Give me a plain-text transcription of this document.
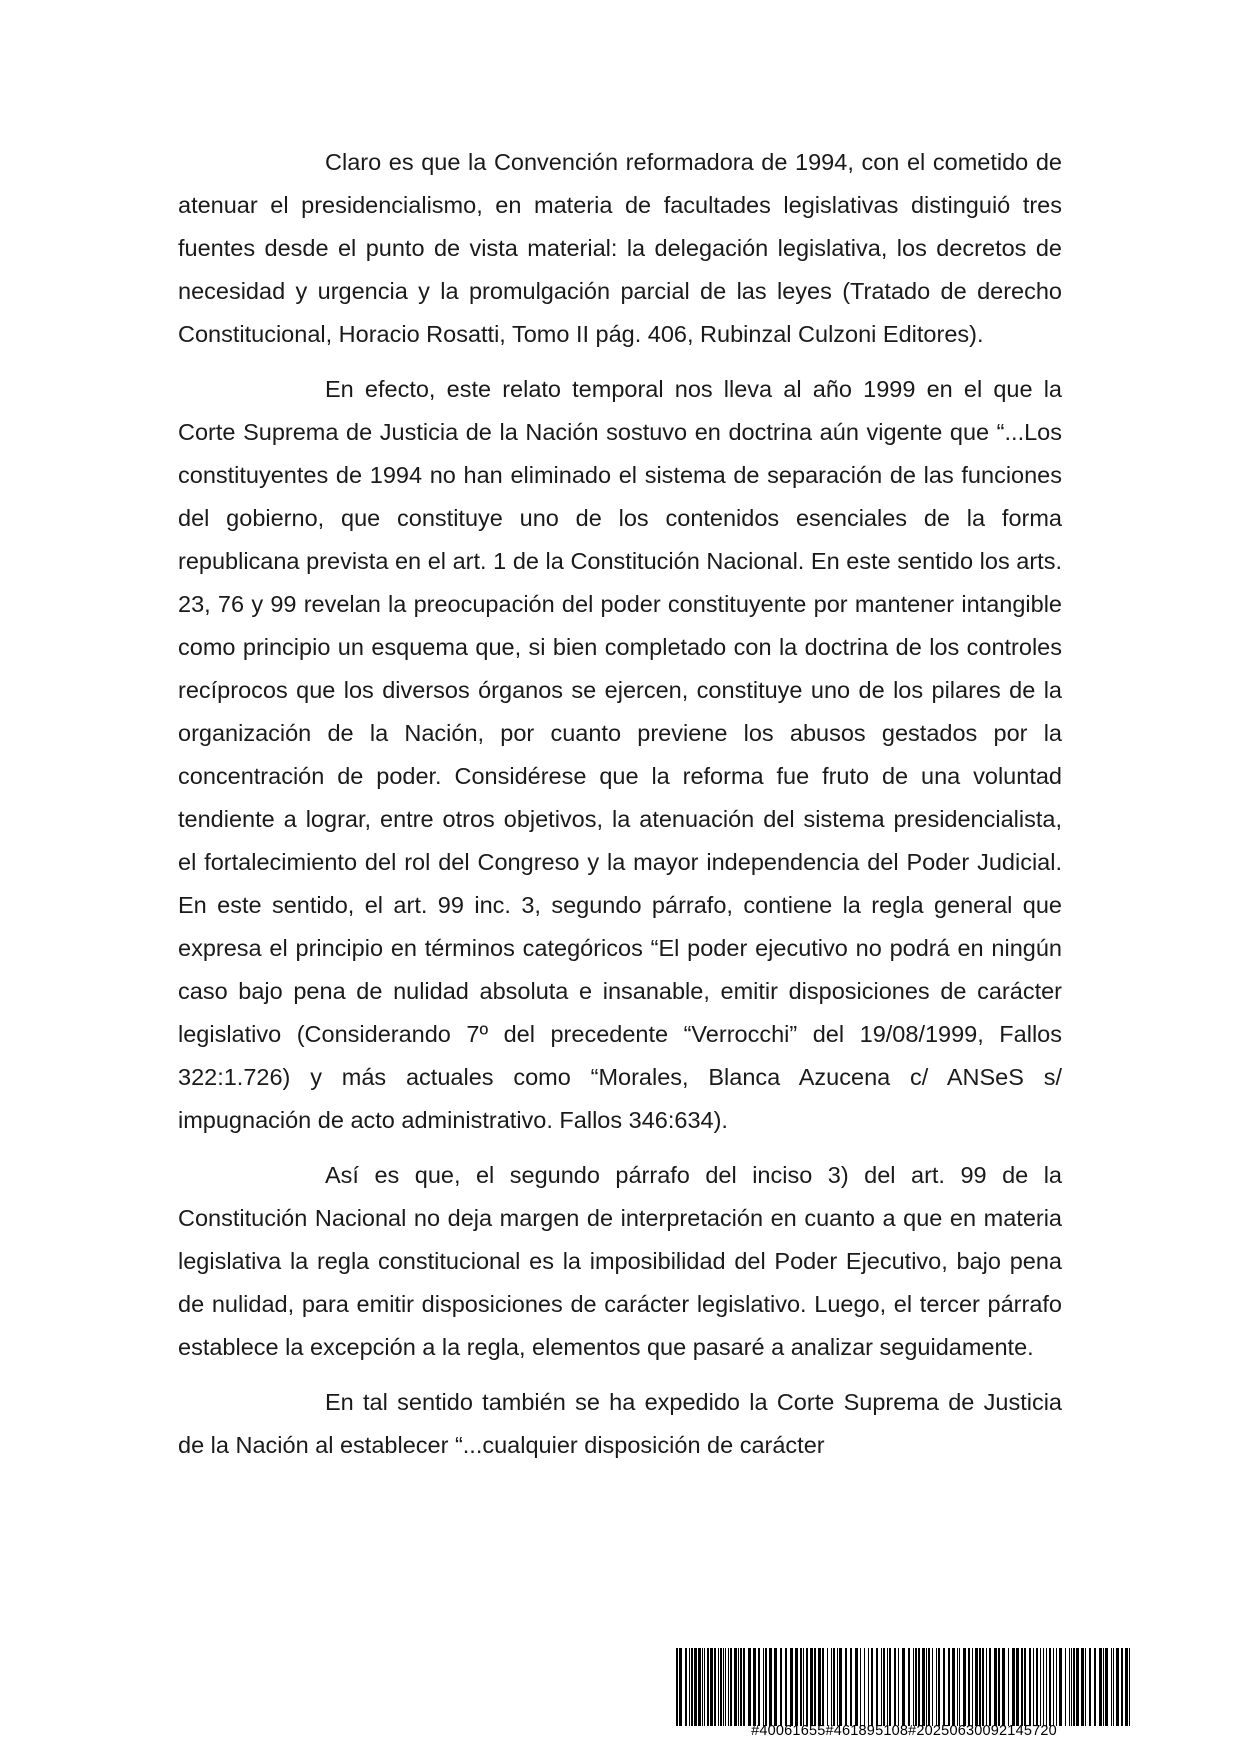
Claro es que la Convención reformadora de 1994, con el cometido de atenuar el presidencialismo, en materia de facultades legislativas distinguió tres fuentes desde el punto de vista material: la delegación legislativa, los decretos de necesidad y urgencia y la promulgación parcial de las leyes (Tratado de derecho Constitucional, Horacio Rosatti, Tomo II pág. 406, Rubinzal Culzoni Editores).

En efecto, este relato temporal nos lleva al año 1999 en el que la Corte Suprema de Justicia de la Nación sostuvo en doctrina aún vigente que “...Los constituyentes de 1994 no han eliminado el sistema de separación de las funciones del gobierno, que constituye uno de los contenidos esenciales de la forma republicana prevista en el art. 1 de la Constitución Nacional. En este sentido los arts. 23, 76 y 99 revelan la preocupación del poder constituyente por mantener intangible como principio un esquema que, si bien completado con la doctrina de los controles recíprocos que los diversos órganos se ejercen, constituye uno de los pilares de la organización de la Nación, por cuanto previene los abusos gestados por la concentración de poder. Considérese que la reforma fue fruto de una voluntad tendiente a lograr, entre otros objetivos, la atenuación del sistema presidencialista, el fortalecimiento del rol del Congreso y la mayor independencia del Poder Judicial. En este sentido, el art. 99 inc. 3, segundo párrafo, contiene la regla general que expresa el principio en términos categóricos “El poder ejecutivo no podrá en ningún caso bajo pena de nulidad absoluta e insanable, emitir disposiciones de carácter legislativo (Considerando 7º del precedente “Verrocchi” del 19/08/1999, Fallos 322:1.726) y más actuales como “Morales, Blanca Azucena c/ ANSeS s/ impugnación de acto administrativo. Fallos 346:634).

Así es que, el segundo párrafo del inciso 3) del art. 99 de la Constitución Nacional no deja margen de interpretación en cuanto a que en materia legislativa la regla constitucional es la imposibilidad del Poder Ejecutivo, bajo pena de nulidad, para emitir disposiciones de carácter legislativo. Luego, el tercer párrafo establece la excepción a la regla, elementos que pasaré a analizar seguidamente.

En tal sentido también se ha expedido la Corte Suprema de Justicia de la Nación al establecer “...cualquier disposición de carácter

#40061655#461895108#20250630092145720
